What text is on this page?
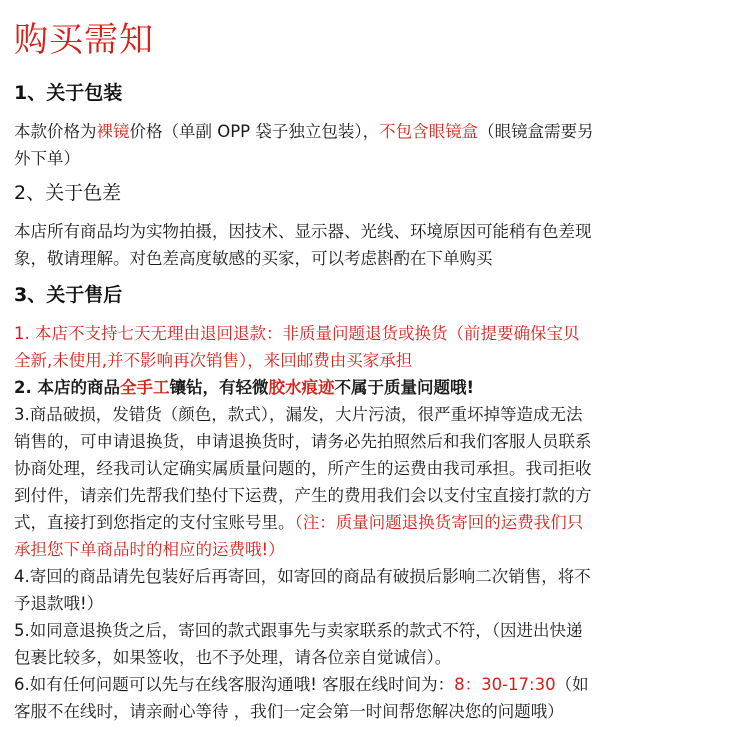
购买需知
1、关于包装
本款价格为裸镜价格（单副 OPP 袋子独立包装），不包含眼镜盒（眼镜盒需要另
外下单）
2、关于色差
本店所有商品均为实物拍摄，因技术、显示器、光线、环境原因可能稍有色差现
象，敬请理解。对色差高度敏感的买家，可以考虑斟酌在下单购买
3、关于售后
1. 本店不支持七天无理由退回退款：非质量问题退货或换货（前提要确保宝贝
全新,未使用,并不影响再次销售），来回邮费由买家承担
2. 本店的商品全手工镶钻，有轻微胶水痕迹不属于质量问题哦!
3.商品破损，发错货（颜色，款式），漏发，大片污渍，很严重坏掉等造成无法
销售的，可申请退换货，申请退换货时，请务必先拍照然后和我们客服人员联系
协商处理，经我司认定确实属质量问题的，所产生的运费由我司承担。我司拒收
到付件，请亲们先帮我们垫付下运费，产生的费用我们会以支付宝直接打款的方
式，直接打到您指定的支付宝账号里。（注：质量问题退换货寄回的运费我们只
承担您下单商品时的相应的运费哦!）
4.寄回的商品请先包装好后再寄回，如寄回的商品有破损后影响二次销售，将不
予退款哦!）
5.如同意退换货之后，寄回的款式跟事先与卖家联系的款式不符，（因进出快递
包裹比较多，如果签收，也不予处理，请各位亲自觉诚信）。
6.如有任何问题可以先与在线客服沟通哦! 客服在线时间为：8：30-17:30（如
客服不在线时，请亲耐心等待 ，我们一定会第一时间帮您解决您的问题哦）
